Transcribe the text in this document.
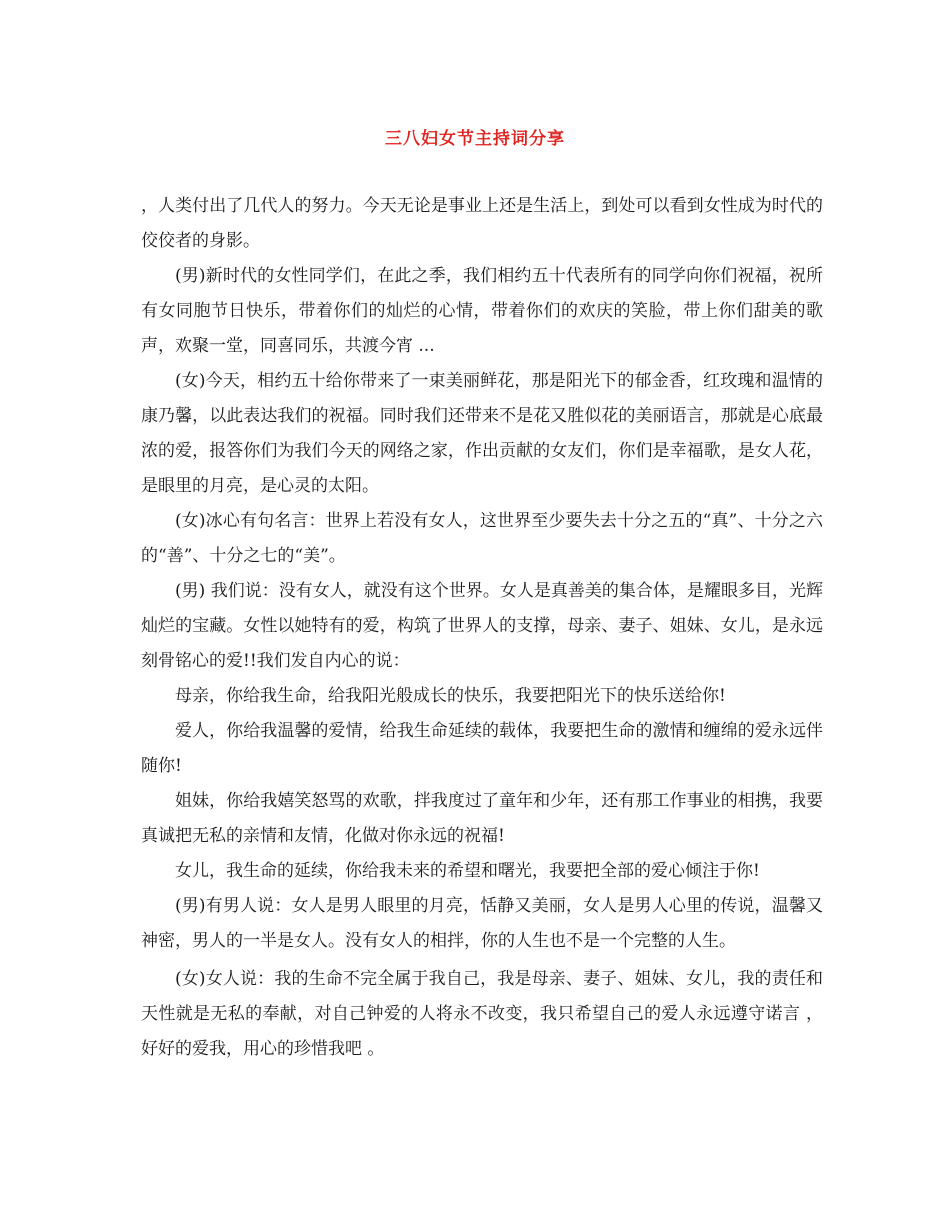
三八妇女节主持词分享

，人类付出了几代人的努力。今天无论是事业上还是生活上，到处可以看到女性成为时代的佼佼者的身影。

(男)新时代的女性同学们，在此之季，我们相约五十代表所有的同学向你们祝福，祝所有女同胞节日快乐，带着你们的灿烂的心情，带着你们的欢庆的笑脸，带上你们甜美的歌声，欢聚一堂，同喜同乐，共渡今宵 ...

(女)今天，相约五十给你带来了一束美丽鲜花，那是阳光下的郁金香，红玫瑰和温情的康乃馨，以此表达我们的祝福。同时我们还带来不是花又胜似花的美丽语言，那就是心底最浓的爱，报答你们为我们今天的网络之家，作出贡献的女友们，你们是幸福歌，是女人花，是眼里的月亮，是心灵的太阳。

(女)冰心有句名言：世界上若没有女人，这世界至少要失去十分之五的“真”、十分之六的“善”、十分之七的“美”。

(男) 我们说：没有女人，就没有这个世界。女人是真善美的集合体，是耀眼多目，光辉灿烂的宝藏。女性以她特有的爱，构筑了世界人的支撑，母亲、妻子、姐妹、女儿，是永远刻骨铭心的爱!!我们发自内心的说：

母亲，你给我生命，给我阳光般成长的快乐，我要把阳光下的快乐送给你!

爱人，你给我温馨的爱情，给我生命延续的载体，我要把生命的激情和缠绵的爱永远伴随你!

姐妹，你给我嬉笑怒骂的欢歌，拌我度过了童年和少年，还有那工作事业的相携，我要真诚把无私的亲情和友情，化做对你永远的祝福!

女儿，我生命的延续，你给我未来的希望和曙光，我要把全部的爱心倾注于你!

(男)有男人说：女人是男人眼里的月亮，恬静又美丽，女人是男人心里的传说，温馨又神密，男人的一半是女人。没有女人的相拌，你的人生也不是一个完整的人生。

(女)女人说：我的生命不完全属于我自己，我是母亲、妻子、姐妹、女儿，我的责任和天性就是无私的奉献，对自己钟爱的人将永不改变，我只希望自己的爱人永远遵守诺言 ，好好的爱我，用心的珍惜我吧 。
